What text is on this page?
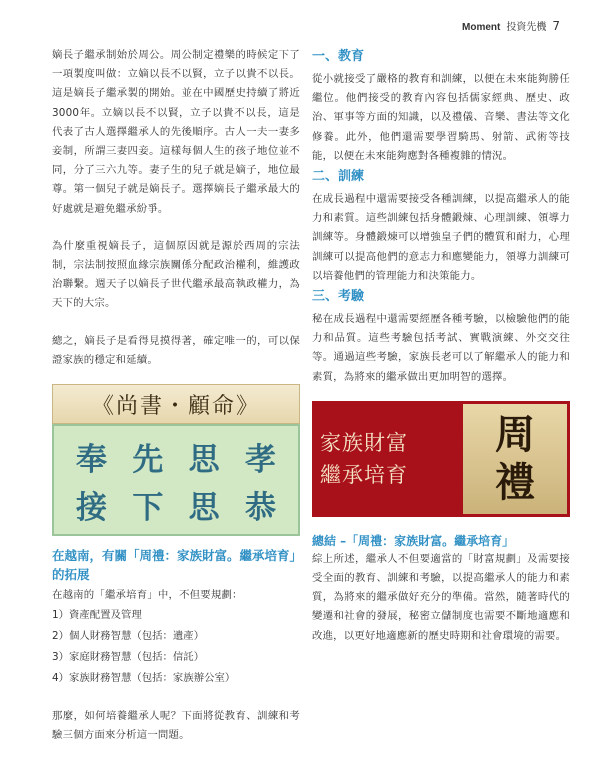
Moment 投資先機 7

嫡長子繼承制始於周公。周公制定禮樂的時候定下了一項製度叫做：立嫡以長不以賢，立子以貴不以長。這是嫡長子繼承製的開始。並在中國歷史持續了將近3000年。立嫡以長不以賢，立子以貴不以長，這是代表了古人選擇繼承人的先後順序。古人一夫一妻多妾制，所謂三妻四妾。這樣每個人生的孩子地位並不同，分了三六九等。妻子生的兒子就是嫡子，地位最尊。第一個兒子就是嫡長子。選擇嫡長子繼承最大的好處就是避免繼承紛爭。

為什麼重視嫡長子，這個原因就是源於西周的宗法制，宗法制按照血緣宗族關係分配政治權利，維護政治聯繫。週天子以嫡長子世代繼承最高執政權力，為天下的大宗。

總之，嫡長子是看得見摸得著，確定唯一的，可以保證家族的穩定和延續。

《尚書・顧命》
奉 先 思 孝
接 下 思 恭
在越南，有關「周禮：家族財富。繼承培育」的拓展

在越南的「繼承培育」中，不但要規劃：

1）資產配置及管理
2）個人財務智慧（包括：遺產）
3）家庭財務智慧（包括：信託）
4）家族財務智慧（包括：家族辦公室）

那麼，如何培養繼承人呢？下面將從教育、訓練和考驗三個方面來分析這一問題。

一、教育

從小就接受了嚴格的教育和訓練，以便在未來能夠勝任繼位。他們接受的教育內容包括儒家經典、歷史、政治、軍事等方面的知識，以及禮儀、音樂、書法等文化修養。此外，他們還需要學習騎馬、射箭、武術等技能，以便在未來能夠應對各種複雜的情況。

二、訓練

在成長過程中還需要接受各種訓練，以提高繼承人的能力和素質。這些訓練包括身體鍛煉、心理訓練、領導力訓練等。身體鍛煉可以增強皇子們的體質和耐力，心理訓練可以提高他們的意志力和應變能力，領導力訓練可以培養他們的管理能力和決策能力。

三、考驗

秘在成長過程中還需要經歷各種考驗，以檢驗他們的能力和品質。這些考驗包括考試、實戰演練、外交交往等。通過這些考驗，家族長老可以了解繼承人的能力和素質，為將來的繼承做出更加明智的選擇。

家族財富
繼承培育
周
禮
總結 –「周禮：家族財富。繼承培育」

綜上所述，繼承人不但要適當的「財富規劃」及需要接受全面的教育、訓練和考驗，以提高繼承人的能力和素質，為將來的繼承做好充分的準備。當然，隨著時代的變遷和社會的發展，秘密立儲制度也需要不斷地適應和改進，以更好地適應新的歷史時期和社會環境的需要。
